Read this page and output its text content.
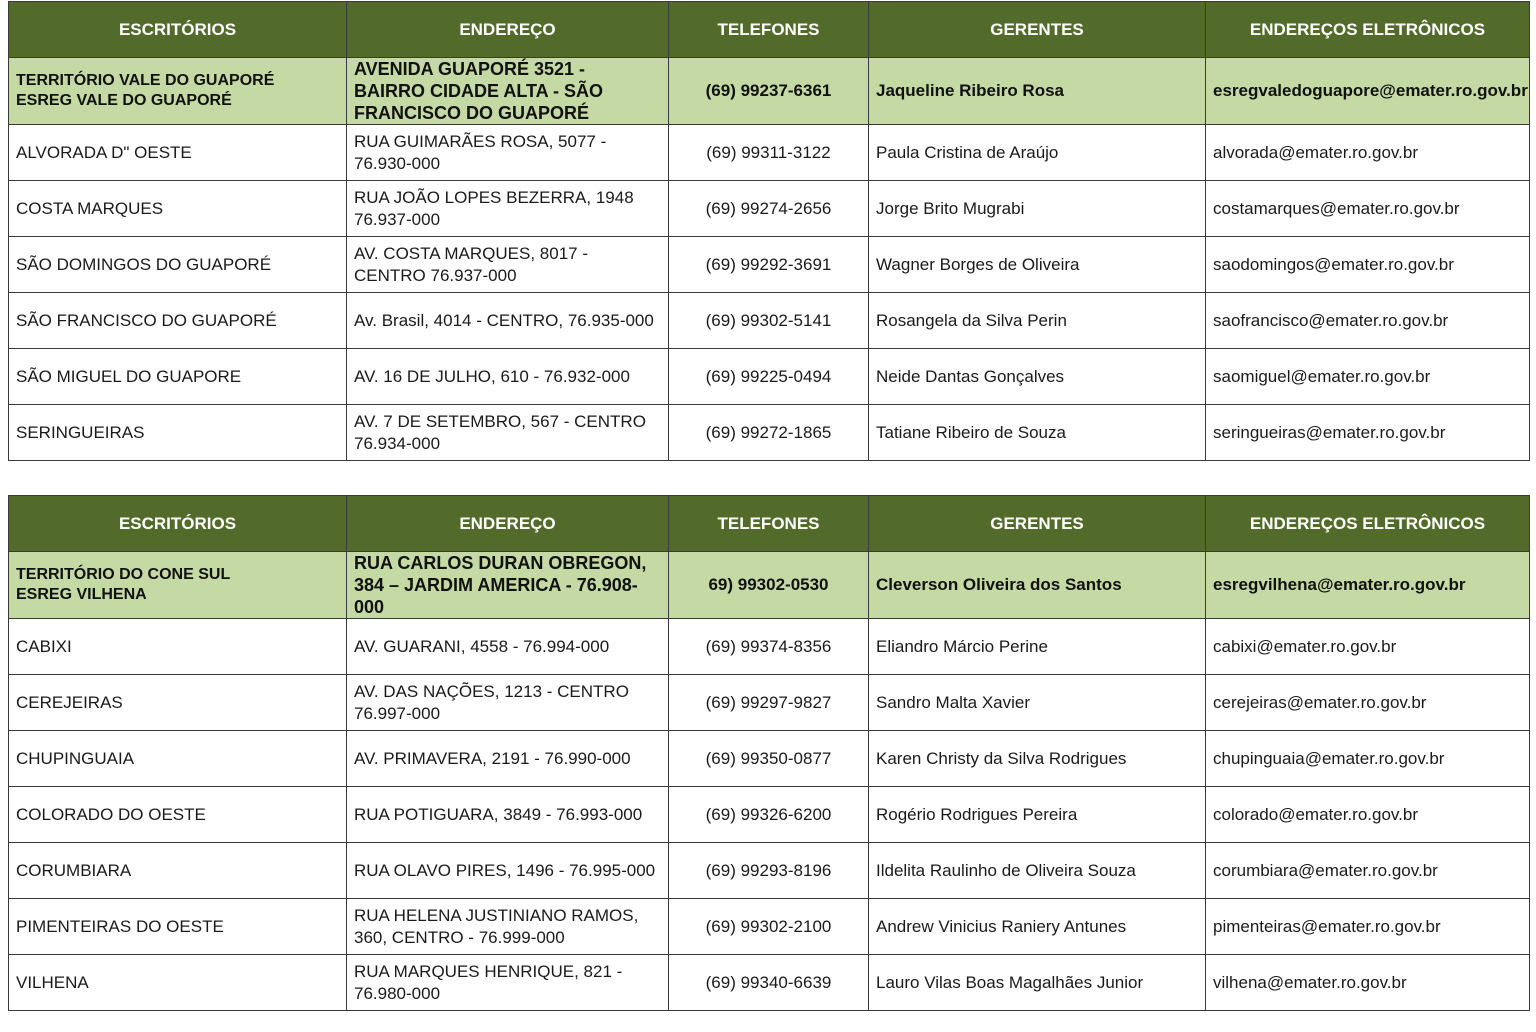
ESCRITÓRIOS	ENDEREÇO	TELEFONES	GERENTES	ENDEREÇOS ELETRÔNICOS

TERRITÓRIO VALE DO GUAPORÉ
ESREG VALE DO GUAPORÉ	AVENIDA GUAPORÉ 3521 - BAIRRO CIDADE ALTA - SÃO FRANCISCO DO GUAPORÉ	(69) 99237-6361	Jaqueline Ribeiro Rosa	esregvaledoguapore@emater.ro.gov.br
ALVORADA D" OESTE	RUA GUIMARÃES ROSA, 5077 - 76.930-000	(69) 99311-3122	Paula Cristina de Araújo	alvorada@emater.ro.gov.br
COSTA MARQUES	RUA JOÃO LOPES BEZERRA, 1948 76.937-000	(69) 99274-2656	Jorge Brito Mugrabi	costamarques@emater.ro.gov.br
SÃO DOMINGOS DO GUAPORÉ	AV. COSTA MARQUES, 8017 - CENTRO 76.937-000	(69) 99292-3691	Wagner Borges de Oliveira	saodomingos@emater.ro.gov.br
SÃO FRANCISCO DO GUAPORÉ	Av. Brasil, 4014 - CENTRO, 76.935-000	(69) 99302-5141	Rosangela da Silva Perin	saofrancisco@emater.ro.gov.br
SÃO MIGUEL DO GUAPORE	AV. 16 DE JULHO, 610 - 76.932-000	(69) 99225-0494	Neide Dantas Gonçalves	saomiguel@emater.ro.gov.br
SERINGUEIRAS	AV. 7 DE SETEMBRO, 567 - CENTRO 76.934-000	(69) 99272-1865	Tatiane Ribeiro de Souza	seringueiras@emater.ro.gov.br
ESCRITÓRIOS	ENDEREÇO	TELEFONES	GERENTES	ENDEREÇOS ELETRÔNICOS

TERRITÓRIO DO CONE SUL
ESREG VILHENA	RUA CARLOS DURAN OBREGON, 384 – JARDIM AMERICA - 76.908-000	69) 99302-0530	Cleverson Oliveira dos Santos	esregvilhena@emater.ro.gov.br
CABIXI	AV. GUARANI, 4558 - 76.994-000	(69) 99374-8356	Eliandro Márcio Perine	cabixi@emater.ro.gov.br
CEREJEIRAS	AV. DAS NAÇÕES, 1213 - CENTRO 76.997-000	(69) 99297-9827	Sandro Malta Xavier	cerejeiras@emater.ro.gov.br
CHUPINGUAIA	AV. PRIMAVERA, 2191 - 76.990-000	(69) 99350-0877	Karen Christy da Silva Rodrigues	chupinguaia@emater.ro.gov.br
COLORADO DO OESTE	RUA POTIGUARA, 3849 - 76.993-000	(69) 99326-6200	Rogério Rodrigues Pereira	colorado@emater.ro.gov.br
CORUMBIARA	RUA OLAVO PIRES, 1496 - 76.995-000	(69) 99293-8196	Ildelita Raulinho de Oliveira Souza	corumbiara@emater.ro.gov.br
PIMENTEIRAS DO OESTE	RUA HELENA JUSTINIANO RAMOS, 360, CENTRO - 76.999-000	(69) 99302-2100	Andrew Vinicius Raniery Antunes	pimenteiras@emater.ro.gov.br
VILHENA	RUA MARQUES HENRIQUE, 821 - 76.980-000	(69) 99340-6639	Lauro Vilas Boas Magalhães Junior	vilhena@emater.ro.gov.br
